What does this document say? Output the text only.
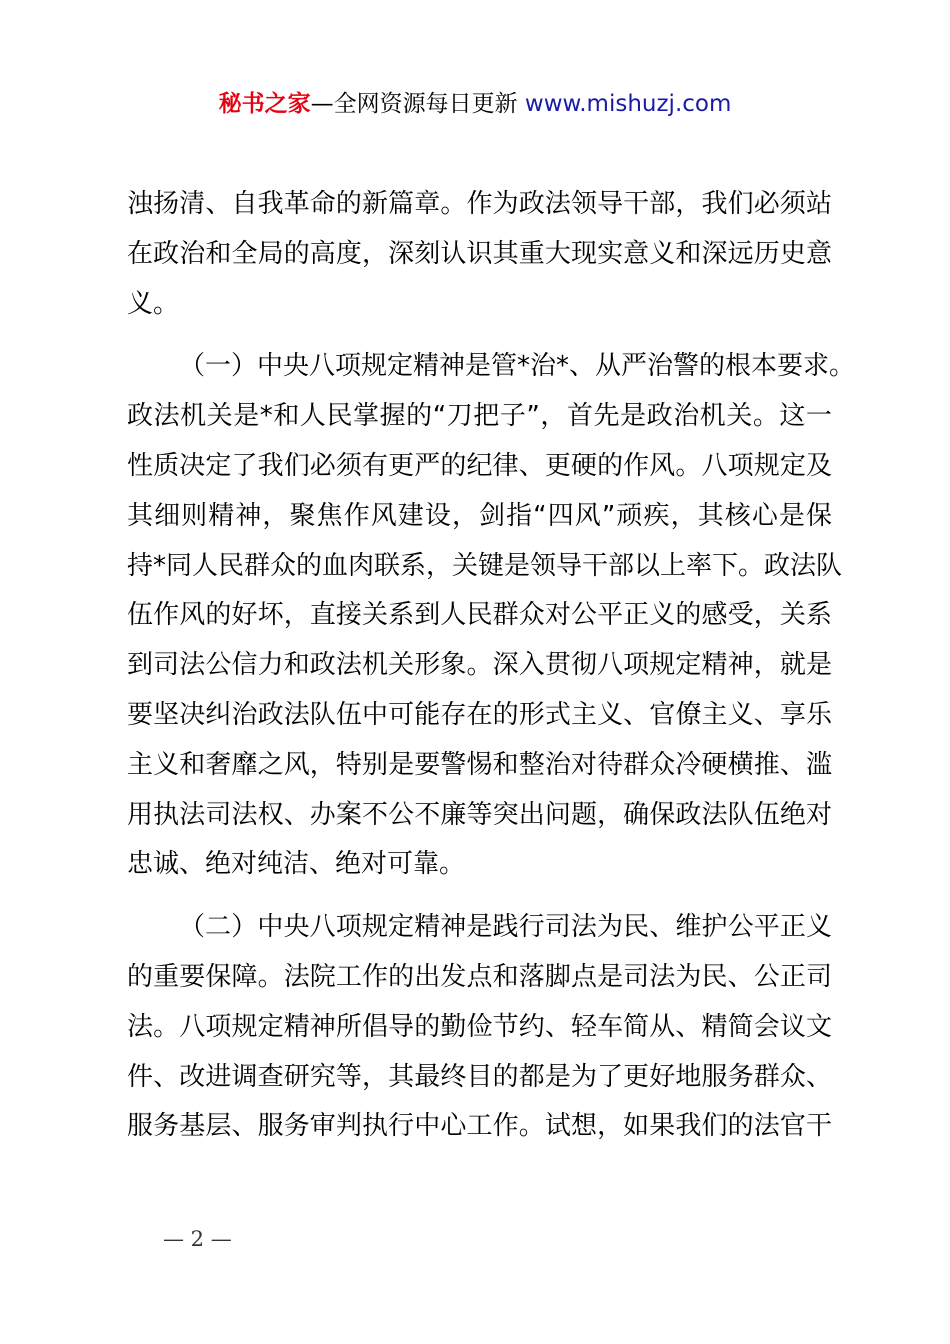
秘书之家—全网资源每日更新 www.mishuzj.com
浊扬清、自我革命的新篇章。作为政法领导干部，我们必须站
在政治和全局的高度，深刻认识其重大现实意义和深远历史意
义。
（一）中央八项规定精神是管*治*、从严治警的根本要求。
政法机关是*和人民掌握的“刀把子”，首先是政治机关。这一
性质决定了我们必须有更严的纪律、更硬的作风。八项规定及
其细则精神，聚焦作风建设，剑指“四风”顽疾，其核心是保
持*同人民群众的血肉联系，关键是领导干部以上率下。政法队
伍作风的好坏，直接关系到人民群众对公平正义的感受，关系
到司法公信力和政法机关形象。深入贯彻八项规定精神，就是
要坚决纠治政法队伍中可能存在的形式主义、官僚主义、享乐
主义和奢靡之风，特别是要警惕和整治对待群众冷硬横推、滥
用执法司法权、办案不公不廉等突出问题，确保政法队伍绝对
忠诚、绝对纯洁、绝对可靠。
（二）中央八项规定精神是践行司法为民、维护公平正义
的重要保障。法院工作的出发点和落脚点是司法为民、公正司
法。八项规定精神所倡导的勤俭节约、轻车简从、精简会议文
件、改进调查研究等，其最终目的都是为了更好地服务群众、
服务基层、服务审判执行中心工作。试想，如果我们的法官干
— 2 —
